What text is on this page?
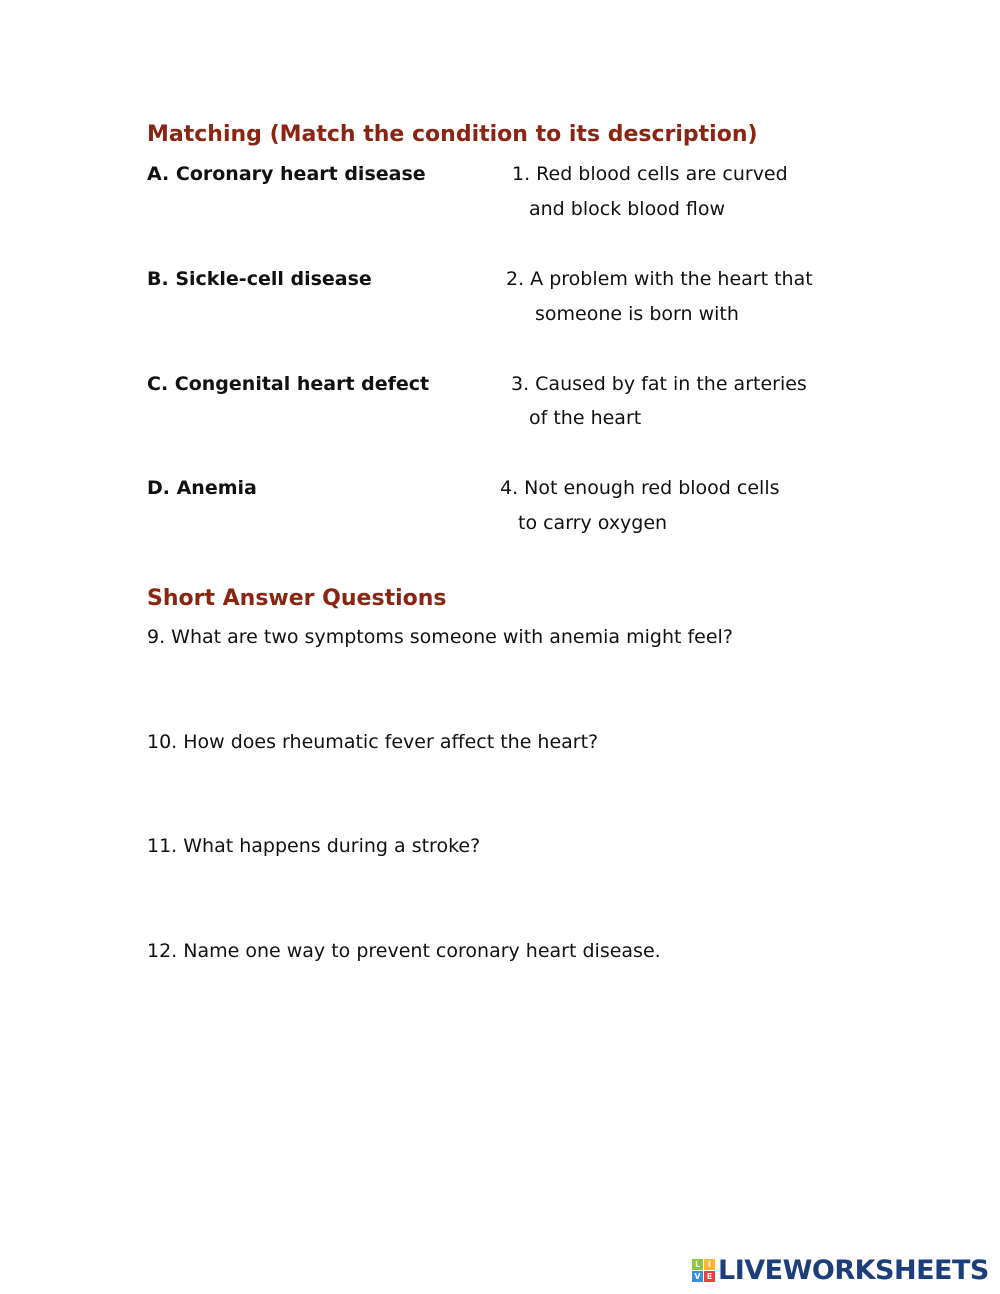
Matching (Match the condition to its description)
A. Coronary heart disease	1. Red blood cells are curved
and block blood flow
B. Sickle-cell disease	2. A problem with the heart that
someone is born with
C. Congenital heart defect	3. Caused by fat in the arteries
of the heart
D. Anemia	4. Not enough red blood cells
to carry oxygen
Short Answer Questions
9. What are two symptoms someone with anemia might feel?
10. How does rheumatic fever affect the heart?
11. What happens during a stroke?
12. Name one way to prevent coronary heart disease.
L I
V E LIVEWORKSHEETS
